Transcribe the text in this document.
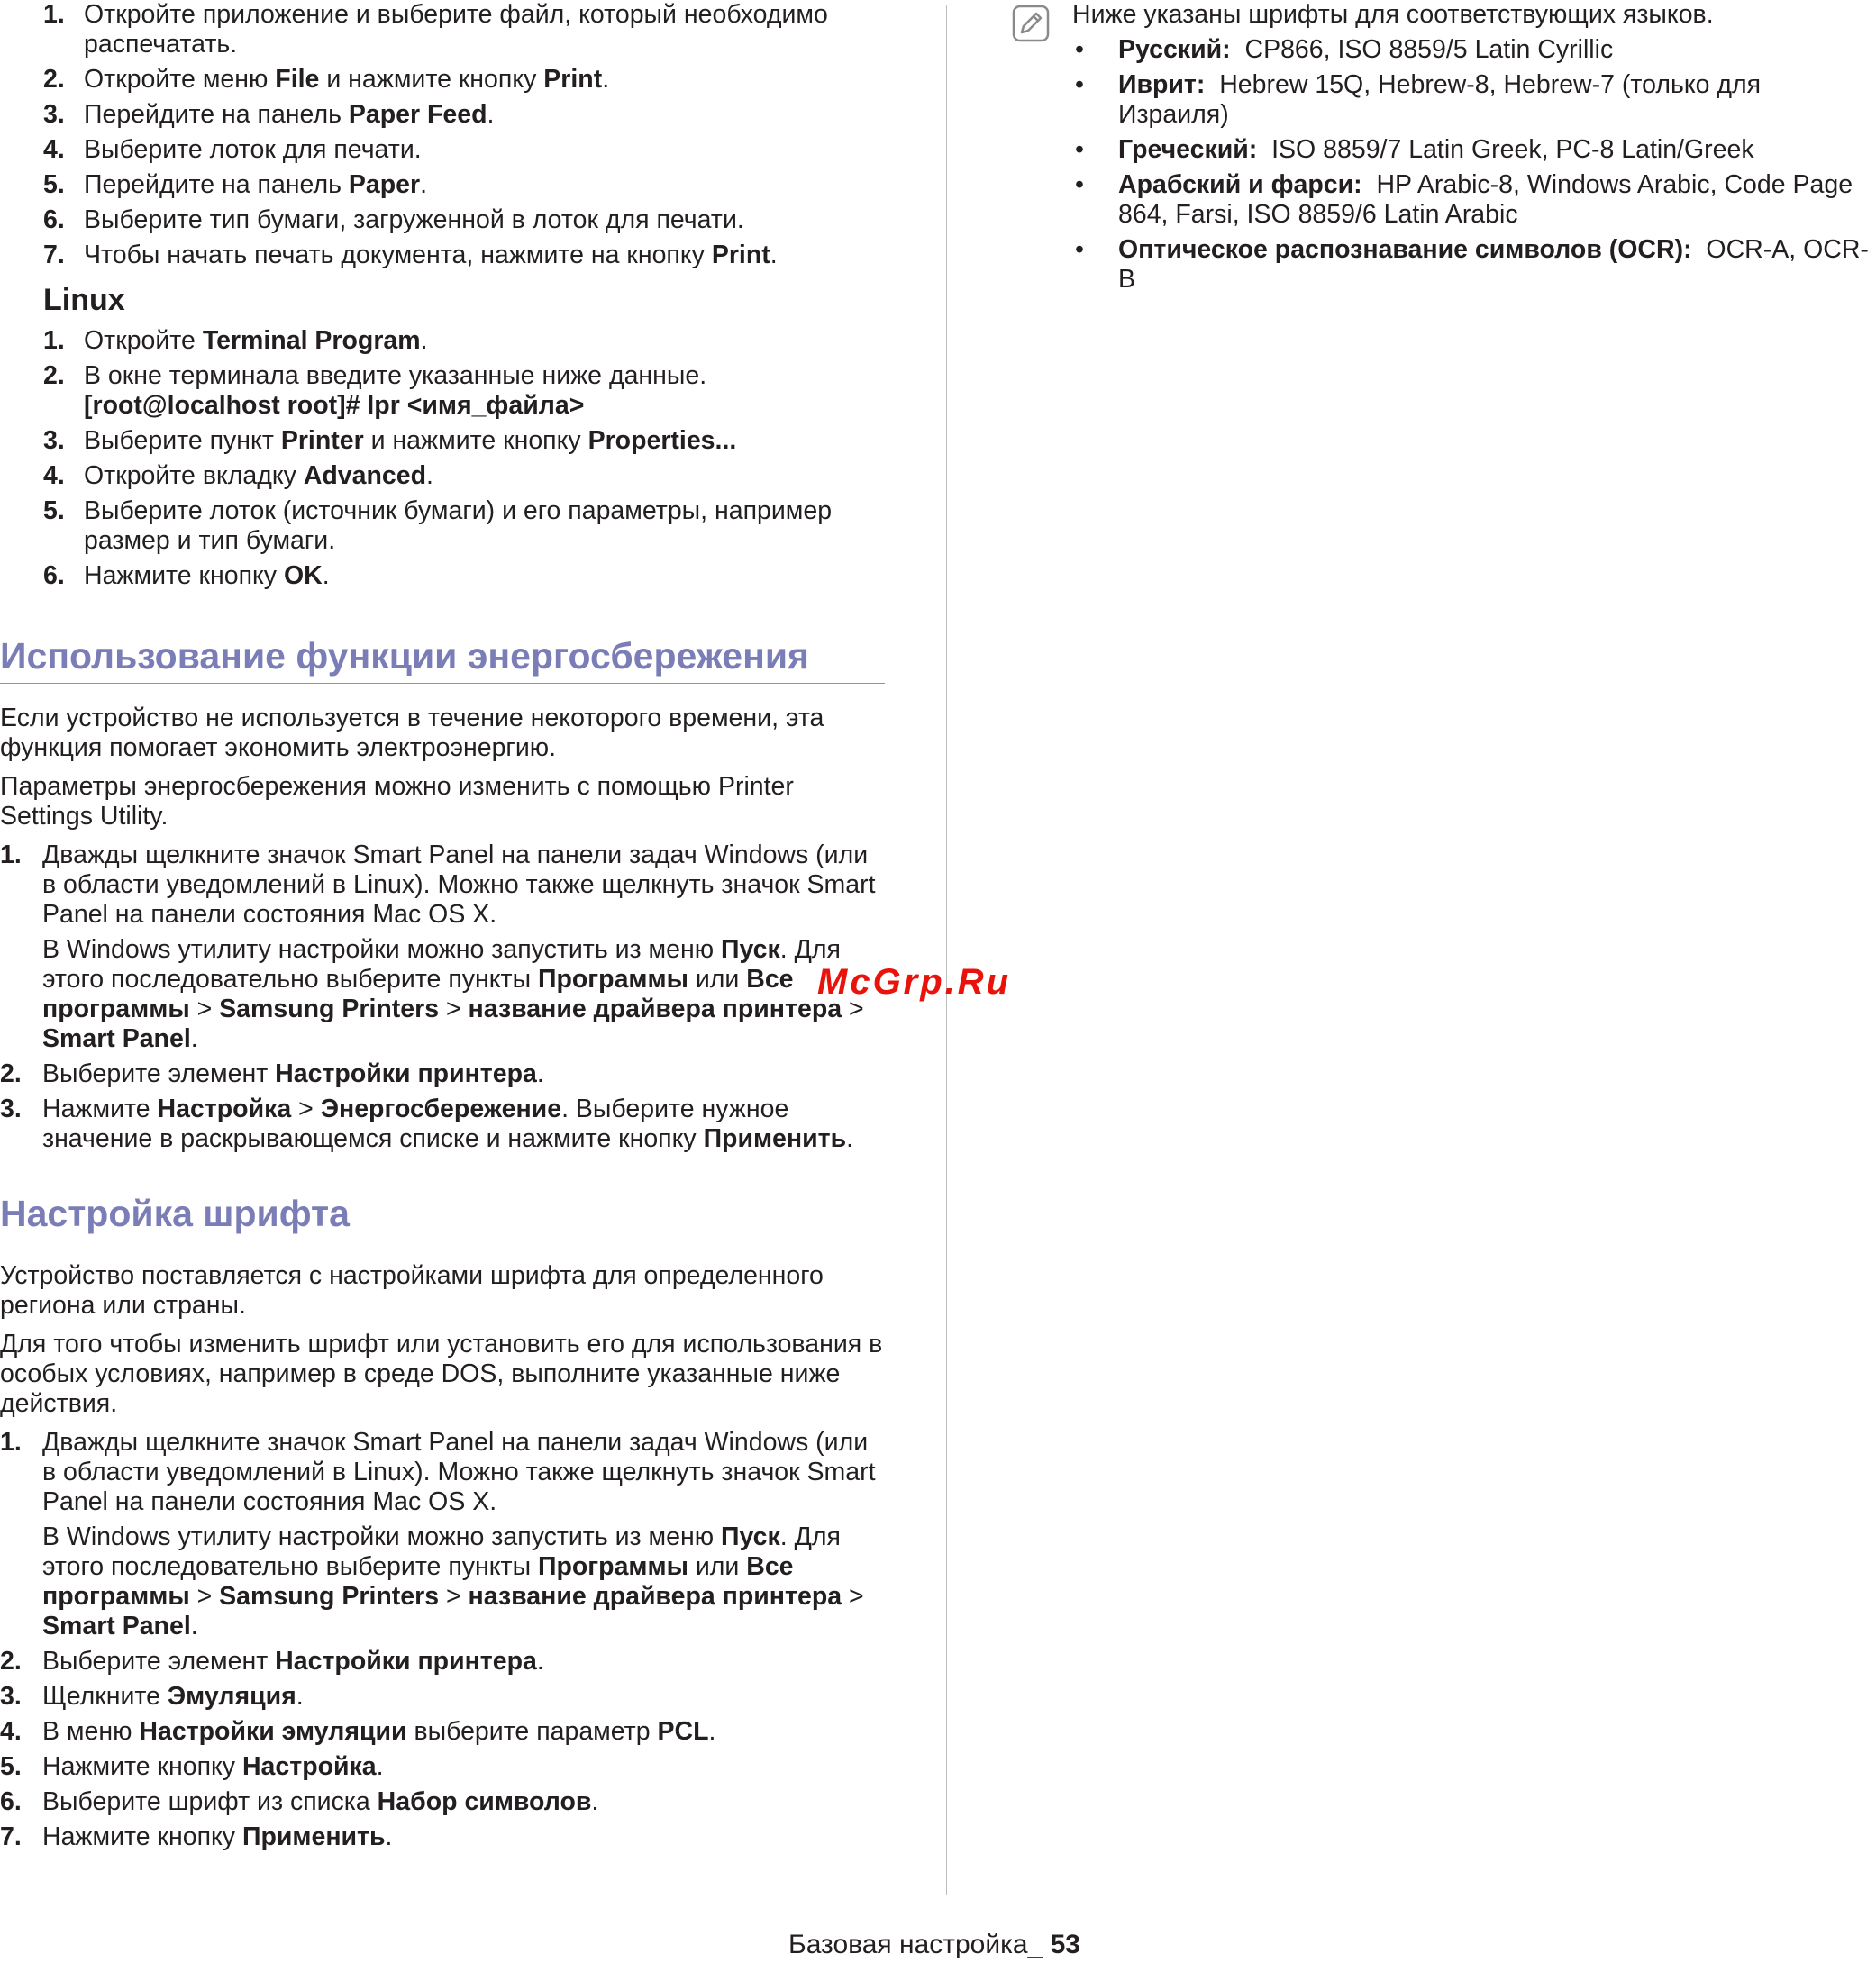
1. Откройте приложение и выберите файл, который необходимо распечатать.
2. Откройте меню File и нажмите кнопку Print.
3. Перейдите на панель Paper Feed.
4. Выберите лоток для печати.
5. Перейдите на панель Paper.
6. Выберите тип бумаги, загруженной в лоток для печати.
7. Чтобы начать печать документа, нажмите на кнопку Print.
Linux
1. Откройте Terminal Program.
2. В окне терминала введите указанные ниже данные.
[root@localhost root]# lpr <имя_файла>
3. Выберите пункт Printer и нажмите кнопку Properties...
4. Откройте вкладку Advanced.
5. Выберите лоток (источник бумаги) и его параметры, например размер и тип бумаги.
6. Нажмите кнопку OK.
Использование функции энергосбережения

Если устройство не используется в течение некоторого времени, эта функция помогает экономить электроэнергию.

Параметры энергосбережения можно изменить с помощью Printer Settings Utility.

1. Дважды щелкните значок Smart Panel на панели задач Windows (или в области уведомлений в Linux). Можно также щелкнуть значок Smart Panel на панели состояния Mac OS X.
В Windows утилиту настройки можно запустить из меню Пуск. Для этого последовательно выберите пункты Программы или Все программы > Samsung Printers > название драйвера принтера > Smart Panel.
2. Выберите элемент Настройки принтера.
3. Нажмите Настройка > Энергосбережение. Выберите нужное значение в раскрывающемся списке и нажмите кнопку Применить.
Настройка шрифта

Устройство поставляется с настройками шрифта для определенного региона или страны.

Для того чтобы изменить шрифт или установить его для использования в особых условиях, например в среде DOS, выполните указанные ниже действия.

1. Дважды щелкните значок Smart Panel на панели задач Windows (или в области уведомлений в Linux). Можно также щелкнуть значок Smart Panel на панели состояния Mac OS X.
В Windows утилиту настройки можно запустить из меню Пуск. Для этого последовательно выберите пункты Программы или Все программы > Samsung Printers > название драйвера принтера > Smart Panel.
2. Выберите элемент Настройки принтера.
3. Щелкните Эмуляция.
4. В меню Настройки эмуляции выберите параметр PCL.
5. Нажмите кнопку Настройка.
6. Выберите шрифт из списка Набор символов.
7. Нажмите кнопку Применить.
Ниже указаны шрифты для соответствующих языков.
• Русский:  CP866, ISO 8859/5 Latin Cyrillic
• Иврит:  Hebrew 15Q, Hebrew-8, Hebrew-7 (только для Израиля)
• Греческий:  ISO 8859/7 Latin Greek, PC-8 Latin/Greek
• Арабский и фарси:  HP Arabic-8, Windows Arabic, Code Page 864, Farsi, ISO 8859/6 Latin Arabic
• Оптическое распознавание символов (OCR):  OCR-A, OCR-B
McGrp.Ru
Базовая настройка_ 53
